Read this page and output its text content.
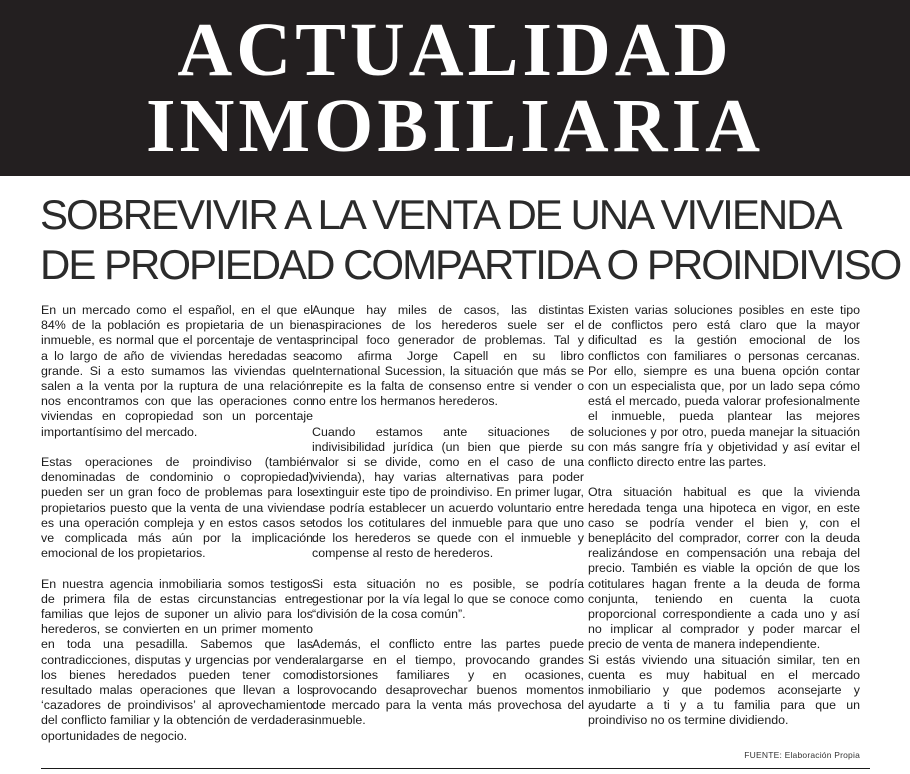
ACTUALIDAD
INMOBILIARIA
SOBREVIVIR A LA VENTA DE UNA VIVIENDA
DE PROPIEDAD COMPARTIDA O PROINDIVISO

En un mercado como el español, en el que el 84% de la población es propietaria de un bien inmueble, es normal que el porcentaje de ventas a lo largo de año de viviendas heredadas sea grande. Si a esto sumamos las viviendas que salen a la venta por la ruptura de una relación nos encontramos con que las operaciones con viviendas en copropiedad son un porcentaje importantísimo del mercado.

Estas operaciones de proindiviso (también denominadas de condominio o copropiedad) pueden ser un gran foco de problemas para los propietarios puesto que la venta de una vivienda es una operación compleja y en estos casos se ve complicada más aún por la implicación emocional de los propietarios.

En nuestra agencia inmobiliaria somos testigos de primera fila de estas circunstancias entre familias que lejos de suponer un alivio para los herederos, se convierten en un primer momento en toda una pesadilla. Sabemos que las contradicciones, disputas y urgencias por vender los bienes heredados pueden tener como resultado malas operaciones que llevan a los ‘cazadores de proindivisos’ al aprovechamiento del conflicto familiar y la obtención de verdaderas oportunidades de negocio.

Aunque hay miles de casos, las distintas aspiraciones de los herederos suele ser el principal foco generador de problemas. Tal y como afirma Jorge Capell en su libro International Sucession, la situación que más se repite es la falta de consenso entre si vender o no entre los hermanos herederos.

Cuando estamos ante situaciones de indivisibilidad jurídica (un bien que pierde su valor si se divide, como en el caso de una vivienda), hay varias alternativas para poder extinguir este tipo de proindiviso. En primer lugar, se podría establecer un acuerdo voluntario entre todos los cotitulares del inmueble para que uno de los herederos se quede con el inmueble y compense al resto de herederos.

Si esta situación no es posible, se podría gestionar por la vía legal lo que se conoce como “división de la cosa común”.

Además, el conflicto entre las partes puede alargarse en el tiempo, provocando grandes distorsiones familiares y en ocasiones, provocando desaprovechar buenos momentos de mercado para la venta más provechosa del inmueble.

Existen varias soluciones posibles en este tipo de conflictos pero está claro que la mayor dificultad es la gestión emocional de los conflictos con familiares o personas cercanas. Por ello, siempre es una buena opción contar con un especialista que, por un lado sepa cómo está el mercado, pueda valorar profesionalmente el inmueble, pueda plantear las mejores soluciones y por otro, pueda manejar la situación con más sangre fría y objetividad y así evitar el conflicto directo entre las partes.

Otra situación habitual es que la vivienda heredada tenga una hipoteca en vigor, en este caso se podría vender el bien y, con el beneplácito del comprador, correr con la deuda realizándose en compensación una rebaja del precio. También es viable la opción de que los cotitulares hagan frente a la deuda de forma conjunta, teniendo en cuenta la cuota proporcional correspondiente a cada uno y así no implicar al comprador y poder marcar el precio de venta de manera independiente.

Si estás viviendo una situación similar, ten en cuenta es muy habitual en el mercado inmobiliario y que podemos aconsejarte y ayudarte a ti y a tu familia para que un proindiviso no os termine dividiendo.

FUENTE: Elaboración Propia
